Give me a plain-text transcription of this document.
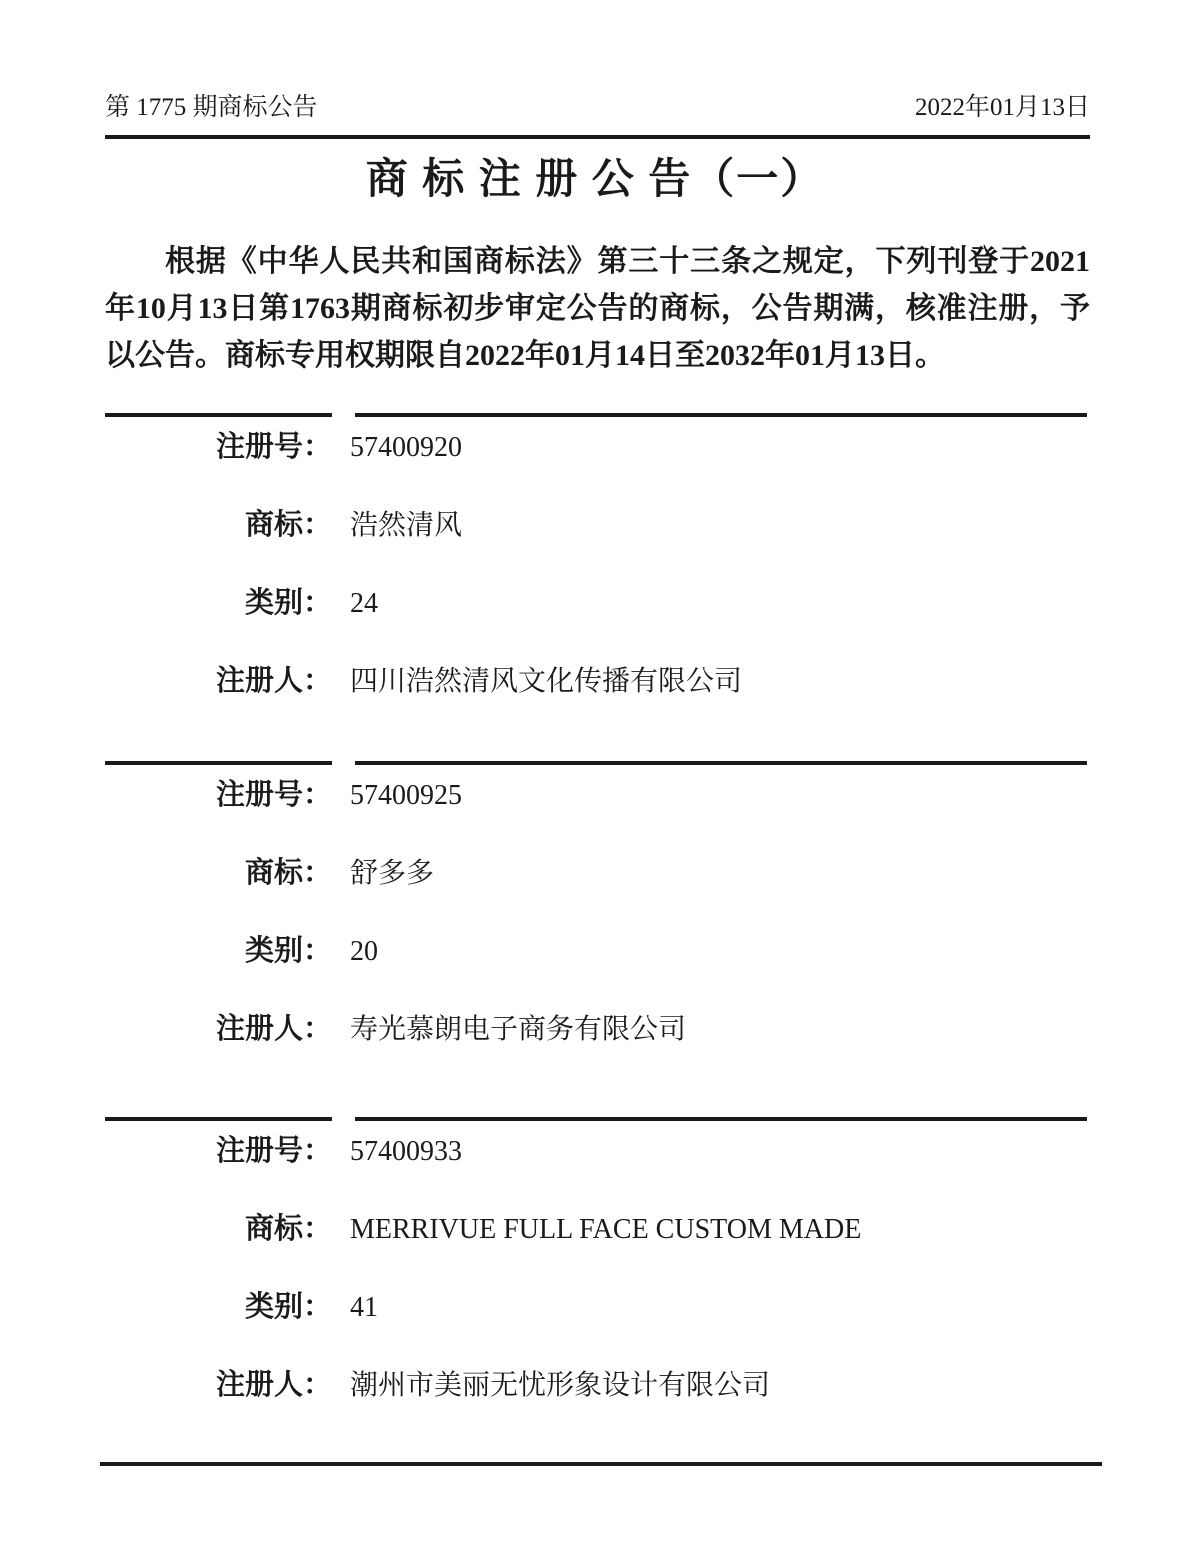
第 1775 期商标公告	2022年01月13日
商 标 注 册 公 告（一）
根据《中华人民共和国商标法》第三十三条之规定，下列刊登于2021年10月13日第1763期商标初步审定公告的商标，公告期满，核准注册，予以公告。商标专用权期限自2022年01月14日至2032年01月13日。
注册号： 57400920
商标： 浩然清风
类别： 24
注册人： 四川浩然清风文化传播有限公司
注册号： 57400925
商标： 舒多多
类别： 20
注册人： 寿光慕朗电子商务有限公司
注册号： 57400933
商标： MERRIVUE FULL FACE CUSTOM MADE
类别： 41
注册人： 潮州市美丽无忧形象设计有限公司
